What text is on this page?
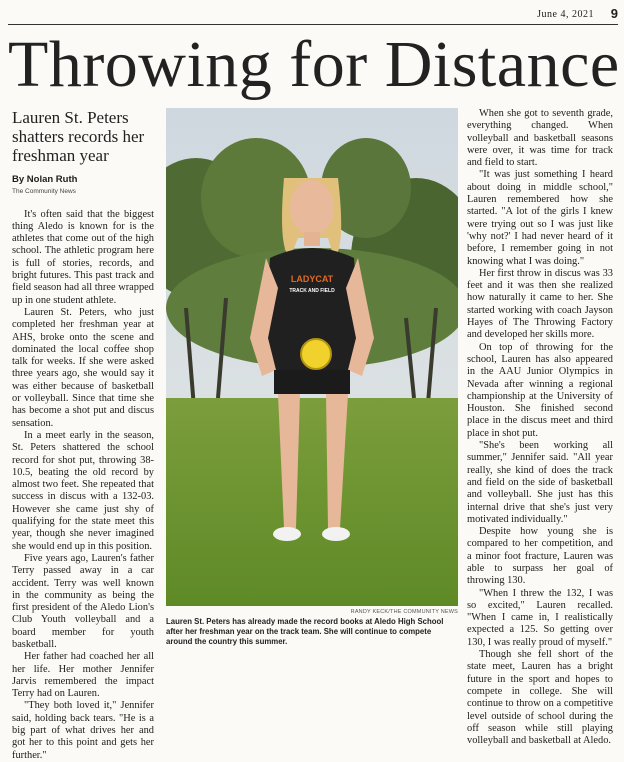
June 4, 2021 9
Throwing for Distance
Lauren St. Peters shatters records her freshman year
By Nolan Ruth
The Community News

It's often said that the biggest thing Aledo is known for is the athletes that come out of the high school. The athletic program here is full of stories, records, and bright futures. This past track and field season had all three wrapped up in one student athlete.

Lauren St. Peters, who just completed her freshman year at AHS, broke onto the scene and dominated the local coffee shop talk for weeks. If she were asked three years ago, she would say it was either because of basketball or volleyball. Since that time she has become a shot put and discus sensation.

In a meet early in the season, St. Peters shattered the school record for shot put, throwing 38-10.5, beating the old record by almost two feet. She repeated that success in discus with a 132-03. However she came just shy of qualifying for the state meet this year, though she never imagined she would end up in this position.

Five years ago, Lauren's father Terry passed away in a car accident. Terry was well known in the community as being the first president of the Aledo Lion's Club Youth volleyball and a board member for youth basketball.

Her father had coached her all her life. Her mother Jennifer Jarvis remembered the impact Terry had on Lauren.

"They both loved it," Jennifer said, holding back tears. "He is a big part of what drives her and got her to this point and gets her further."

LADYCAT
TRACK AND FIELD
RANDY KECK/THE COMMUNITY NEWS
Lauren St. Peters has already made the record books at Aledo High School after her freshman year on the track team. She will continue to compete around the country this summer.

When she got to seventh grade, everything changed. When volleyball and basketball seasons were over, it was time for track and field to start.

"It was just something I heard about doing in middle school," Lauren remembered how she started. "A lot of the girls I knew were trying out so I was just like 'why not?' I had never heard of it before, I remember going in not knowing what I was doing."

Her first throw in discus was 33 feet and it was then she realized how naturally it came to her. She started working with coach Jayson Hayes of The Throwing Factory and developed her skills more.

On top of throwing for the school, Lauren has also appeared in the AAU Junior Olympics in Nevada after winning a regional championship at the University of Houston. She finished second place in the discus meet and third place in shot put.

"She's been working all summer," Jennifer said. "All year really, she kind of does the track and field on the side of basketball and volleyball. She just has this internal drive that she's just very motivated individually."

Despite how young she is compared to her competition, and a minor foot fracture, Lauren was able to surpass her goal of throwing 130.

"When I threw the 132, I was so excited," Lauren recalled. "When I came in, I realistically expected a 125. So getting over 130, I was really proud of myself."

Though she fell short of the state meet, Lauren has a bright future in the sport and hopes to compete in college. She will continue to throw on a competitive level outside of school during the off season while still playing volleyball and basketball at Aledo.
